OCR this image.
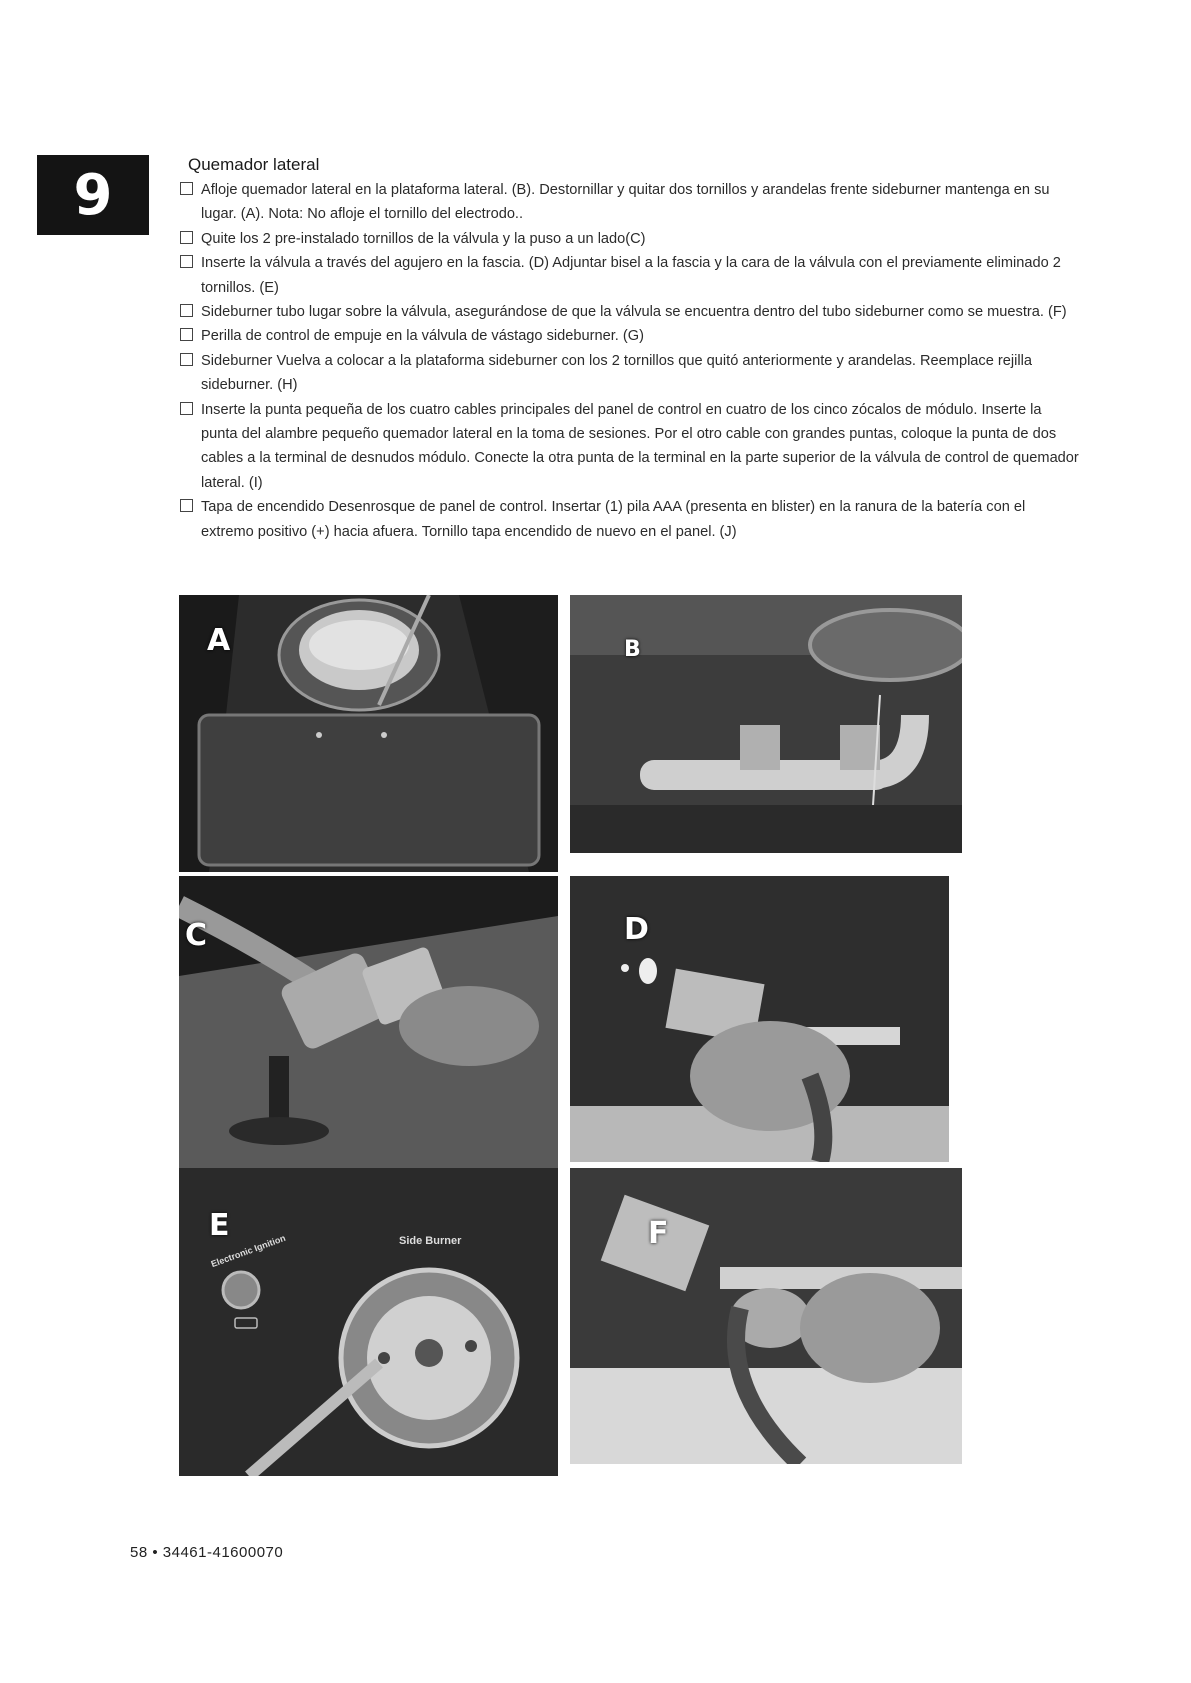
9	Quemador lateral
Afloje quemador lateral en la plataforma lateral. (B). Destornillar y quitar dos tornillos y arandelas frente sideburner mantenga en su lugar. (A). Nota: No afloje el tornillo del electrodo..
Quite los 2 pre-instalado tornillos de la válvula y la puso a un lado(C)
Inserte la válvula a través del agujero en la fascia. (D) Adjuntar bisel a la fascia y la cara de la válvula con el previamente eliminado 2 tornillos. (E)
Sideburner tubo lugar sobre la válvula, asegurándose de que la válvula se encuentra dentro del tubo sideburner como se muestra. (F)
Perilla de control de empuje en la válvula de vástago sideburner. (G)
Sideburner Vuelva a colocar a la plataforma sideburner con los 2 tornillos que quitó anteriormente y arandelas. Reemplace rejilla sideburner. (H)
Inserte la punta pequeña de los cuatro cables principales del panel de control en cuatro de los cinco zócalos de módulo. Inserte la punta del alambre pequeño quemador lateral en la toma de sesiones. Por el otro cable con grandes puntas, coloque la punta de dos cables a la terminal de desnudos módulo. Conecte la otra punta de la terminal en la parte superior de la válvula de control de quemador lateral. (I)
Tapa de encendido Desenrosque de panel de control. Insertar (1) pila AAA (presenta en blister) en la ranura de la batería con el extremo positivo (+) hacia afuera. Tornillo tapa encendido de nuevo en el panel. (J)
A	B
C	D
E	Side Burner
Electronic Ignition	F
58 • 34461-41600070
